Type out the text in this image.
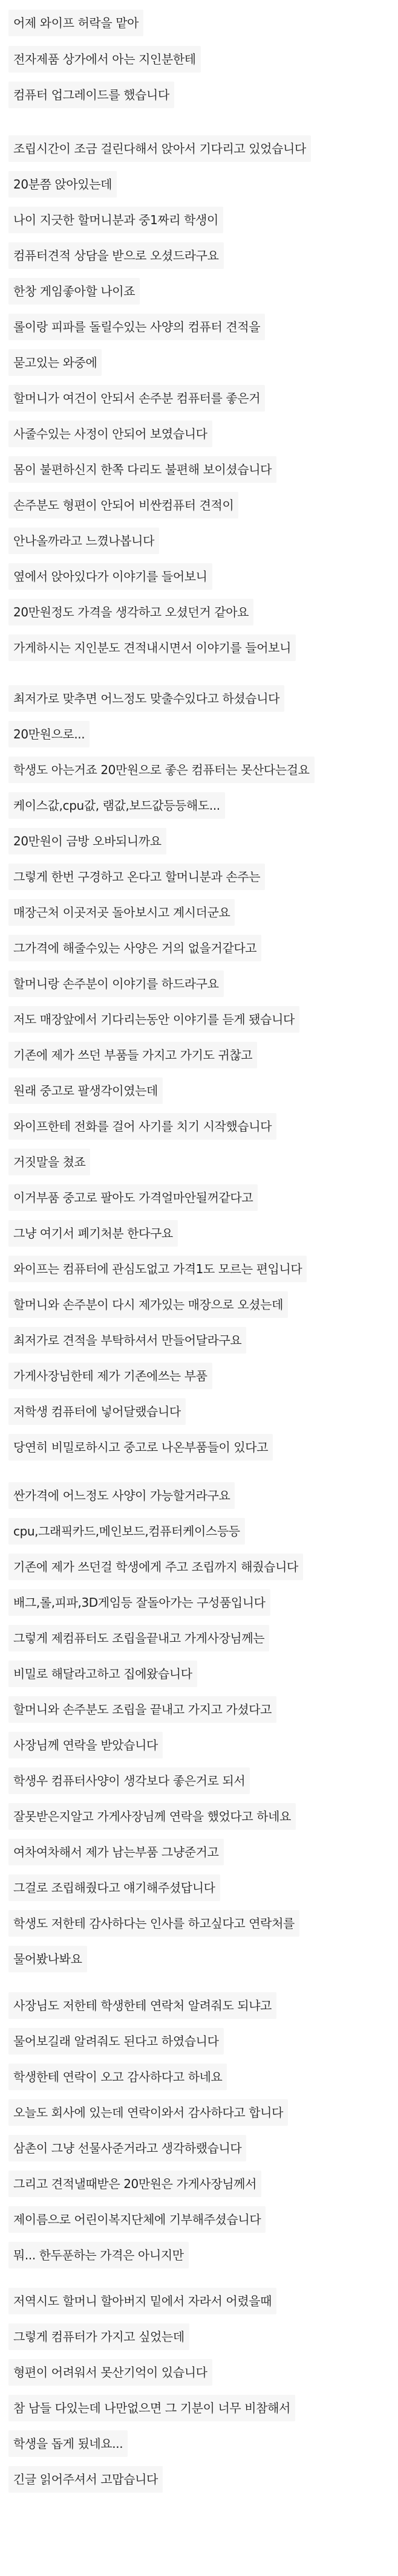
어제 와이프 허락을 맡아
전자제품 상가에서 아는 지인분한테
컴퓨터 업그레이드를 했습니다
조립시간이 조금 걸린다해서 앉아서 기다리고 있었습니다
20분쯤 앉아있는데
나이 지긋한 할머니분과 중1짜리 학생이
컴퓨터견적 상담을 받으로 오셨드라구요
한창 게임좋아할 나이죠
롤이랑 피파를 돌릴수있는 사양의 컴퓨터 견적을
묻고있는 와중에
할머니가 여건이 안되서 손주분 컴퓨터를 좋은거
사줄수있는 사정이 안되어 보였습니다
몸이 불편하신지 한쪽 다리도 불편해 보이셨습니다
손주분도 형편이 안되어 비싼컴퓨터 견적이
안나올까라고 느꼈나봅니다
옆에서 앉아있다가 이야기를 들어보니
20만원정도 가격을 생각하고 오셨던거 같아요
가게하시는 지인분도 견적내시면서 이야기를 들어보니
최저가로 맞추면 어느정도 맞출수있다고 하셨습니다
20만원으로...
학생도 아는거죠 20만원으로 좋은 컴퓨터는 못산다는걸요
케이스값,cpu값, 램값,보드값등등해도...
20만원이 금방 오바되니까요
그렇게 한번 구경하고 온다고 할머니분과 손주는
매장근처 이곳저곳 돌아보시고 계시더군요
그가격에 해줄수있는 사양은 거의 없을거같다고
할머니랑 손주분이 이야기를 하드라구요
저도 매장앞에서 기다리는동안 이야기를 듣게 됐습니다
기존에 제가 쓰던 부품들 가지고 가기도 귀찮고
원래 중고로 팔생각이였는데
와이프한테 전화를 걸어 사기를 치기 시작했습니다
거짓말을 쳤죠
이거부품 중고로 팔아도 가격얼마안될꺼같다고
그냥 여기서 폐기처분 한다구요
와이프는 컴퓨터에 관심도없고 가격1도 모르는 편입니다
할머니와 손주분이 다시 제가있는 매장으로 오셨는데
최저가로 견적을 부탁하셔서 만들어달라구요
가게사장님한테 제가 기존에쓰는 부품
저학생 컴퓨터에 넣어달랬습니다
당연히 비밀로하시고 중고로 나온부품들이 있다고
싼가격에 어느정도 사양이 가능할거라구요
cpu,그래픽카드,메인보드,컴퓨터케이스등등
기존에 제가 쓰던걸 학생에게 주고 조립까지 해줬습니다
배그,롤,피파,3D게임등 잘돌아가는 구성품입니다
그렇게 제컴퓨터도 조립을끝내고 가게사장님께는
비밀로 해달라고하고 집에왔습니다
할머니와 손주분도 조립을 끝내고 가지고 가셨다고
사장님께 연락을 받았습니다
학생우 컴퓨터사양이 생각보다 좋은거로 되서
잘못받은지알고 가게사장님께 연락을 했었다고 하네요
여차여차해서 제가 남는부품 그냥준거고
그걸로 조립해줬다고 얘기해주셨답니다
학생도 저한테 감사하다는 인사를 하고싶다고 연락처를
물어봤나봐요
사장님도 저한테 학생한테 연락처 알려줘도 되냐고
물어보길래 알려줘도 된다고 하였습니다
학생한테 연락이 오고 감사하다고 하네요
오늘도 회사에 있는데 연락이와서 감사하다고 합니다
삼촌이 그냥 선물사준거라고 생각하랬습니다
그리고 견적낼때받은 20만원은 가게사장님께서
제이름으로 어린이복지단체에 기부해주셨습니다
뭐... 한두푼하는 가격은 아니지만
저역시도 할머니 할아버지 밑에서 자라서 어렸을때
그렇게 컴퓨터가 가지고 싶었는데
형편이 어려워서 못산기억이 있습니다
참 남들 다있는데 나만없으면 그 기분이 너무 비참해서
학생을 돕게 됬네요...
긴글 읽어주셔서 고맙습니다
